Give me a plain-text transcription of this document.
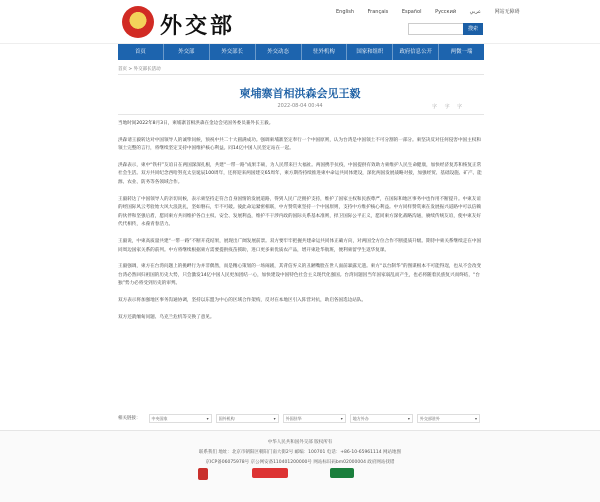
外交部
English	Français	Español	Русский	عربي	网站无障碍
搜索
首页	外交部	外交部长	外交动态	驻外机构	国家和组织	政府信息公开	两微一端
首页 > 外交部长活动
柬埔寨首相洪森会见王毅
2022-08-04 00:44	字 字 字

当地时间2022年8月3日，柬埔寨首相洪森在金边会见国务委员兼外长王毅。

洪森请王毅转达对中国领导人的诚挚问候，预祝中共二十大圆满成功。强调柬埔寨坚定奉行一个中国原则，认为台湾是中国领土不可分割的一部分。柬坚决反对任何侵害中国主权和领土完整的言行，将继续坚定支持中国维护核心利益。同14亿中国人民坚定站在一起。

洪森表示，柬中“铁杆”友谊日在两国深深扎根，共建“一带一路”成果丰硕，为人民带来巨大福祉。两国携手抗疫，中国提供有效助力柬维护人民生命健康，加快经济复苏和恢复正常社会生活。双方共同纪念西哈努克太皇诞辰100周年，还将迎来两国建交65周年，柬方期待持续推进柬中命运共同体建设，深化两国发展战略对接，加强经贸、基础设施、矿产、能源、农业、防务等各领域合作。

王毅转达了中国领导人的亲切问候，表示柬坚持走符合自身国情的发展道路，得到人民广泛拥护支持，维护了国家主权和民族尊严，在国际和地区事务中也作用不断提升。中柬友谊的经国际风云考验始大风大浪洗礼，坚如磐石，牢不可破。彼此命运紧密相联，中方赞赏柬坚持一个中国原则，支持中方维护核心利益。中方同样赞赏柬在发展振兴道路中可以信赖的伙伴和坚强后盾，愿同柬方共同维护各自主权、安全、发展利益，维护不干涉内政的国际关系基本准则，捍卫国际公平正义，愿同柬方深化战略沟通，赓续传统友谊，使中柬友好代代相传，永葆青春活力。

王毅说，中柬高质量共建“一带一路”不断开花结果，展现出广阔发展前景。双方要牢牢把握共建命运共同体正确方向，对两国全方位合作不断提质升级。期待中柬关系继续走在中国同周边国家关系的前列。中方将继续根据柬方需要提供疫苗援助，进口更多柬优质农产品，增开柬赴华航班，便利柬留学生返华复课。

王毅强调，柬方在台湾问题上的挑衅行为并非偶然，而是精心策划的一场闹剧，其背信弃义的丑陋嘴脸在世人面前暴露无遗。柬方“以台制华”的图谋根本不可能得逞，也从不会改变台湾必然回归祖国的历史大势，只会激发14亿中国人民更加团结一心，加快建设中国特色社会主义现代化强国。台湾问题因当年国家弱乱而产生，也必将随着民族复兴而终结，“台独”势力必将受到历史的审判。

双方表示将加强地区事务沟通协调，坚持以东盟为中心的区域合作架构，反对在本地区引入阵营对抗，助启各国选边站队。

双方还就缅甸问题、乌克兰危机等交换了意见。

相关链接：	中央国家 ▾	国外机构 ▾	外国驻华 ▾	地方外办 ▾	外交部驻外 ▾
中华人民共和国外交部 版权所有
联系我们 地址：北京市朝阳区朝阳门南大街2号 邮编：100701 电话：+86-10-65961114 网站地图
京ICP备06075978号 京公网安备110401200000号 网站标识码bm02000004 政府网站找错
